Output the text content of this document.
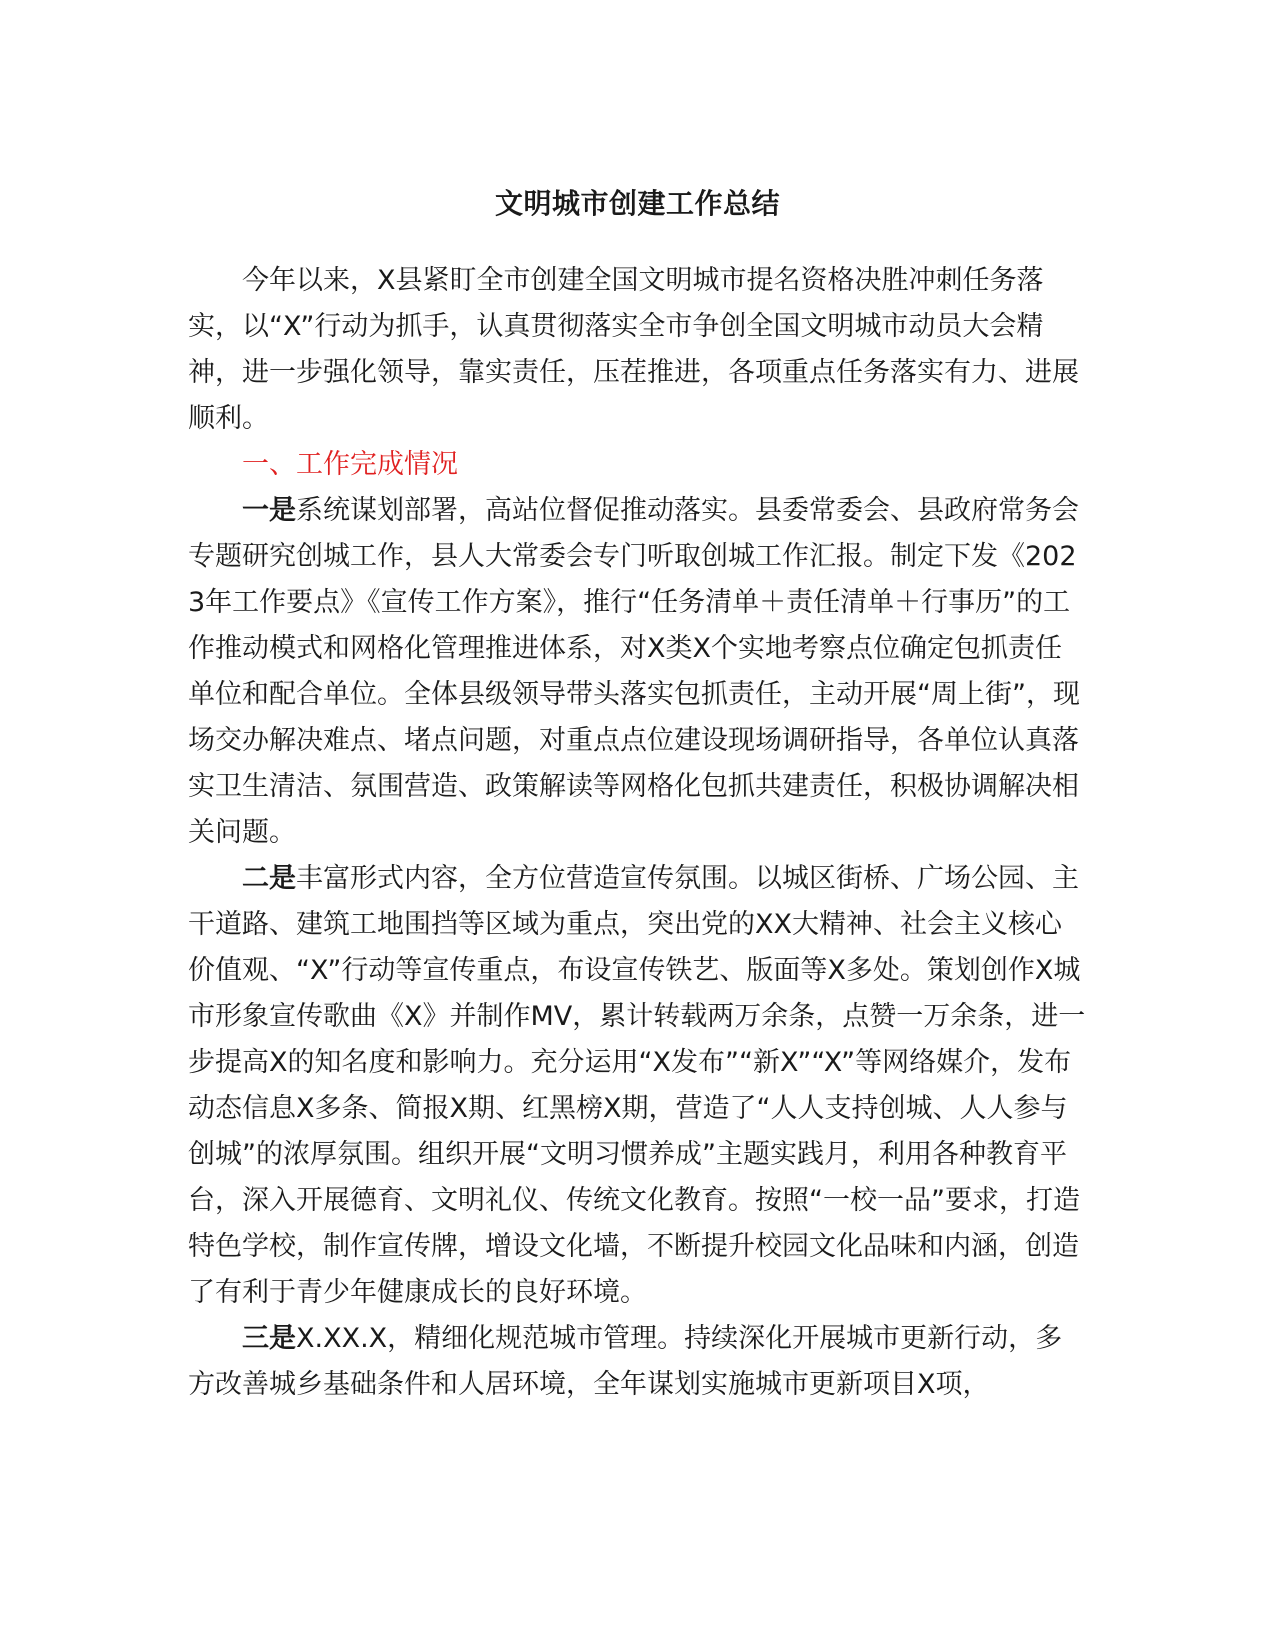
文明城市创建工作总结

今年以来，X县紧盯全市创建全国文明城市提名资格决胜冲刺任务落实，以“X”行动为抓手，认真贯彻落实全市争创全国文明城市动员大会精神，进一步强化领导，靠实责任，压茬推进，各项重点任务落实有力、进展顺利。

一、工作完成情况

一是系统谋划部署，高站位督促推动落实。县委常委会、县政府常务会专题研究创城工作，县人大常委会专门听取创城工作汇报。制定下发《2023年工作要点》《宣传工作方案》，推行“任务清单＋责任清单＋行事历”的工作推动模式和网格化管理推进体系，对X类X个实地考察点位确定包抓责任单位和配合单位。全体县级领导带头落实包抓责任，主动开展“周上街”，现场交办解决难点、堵点问题，对重点点位建设现场调研指导，各单位认真落实卫生清洁、氛围营造、政策解读等网格化包抓共建责任，积极协调解决相关问题。

二是丰富形式内容，全方位营造宣传氛围。以城区街桥、广场公园、主干道路、建筑工地围挡等区域为重点，突出党的XX大精神、社会主义核心价值观、“X”行动等宣传重点，布设宣传铁艺、版面等X多处。策划创作X城市形象宣传歌曲《X》并制作MV，累计转载两万余条，点赞一万余条，进一步提高X的知名度和影响力。充分运用“X发布”“新X”“X”等网络媒介，发布动态信息X多条、简报X期、红黑榜X期，营造了“人人支持创城、人人参与创城”的浓厚氛围。组织开展“文明习惯养成”主题实践月，利用各种教育平台，深入开展德育、文明礼仪、传统文化教育。按照“一校一品”要求，打造特色学校，制作宣传牌，增设文化墙，不断提升校园文化品味和内涵，创造了有利于青少年健康成长的良好环境。

三是X.XX.X，精细化规范城市管理。持续深化开展城市更新行动，多方改善城乡基础条件和人居环境，全年谋划实施城市更新项目X项，
